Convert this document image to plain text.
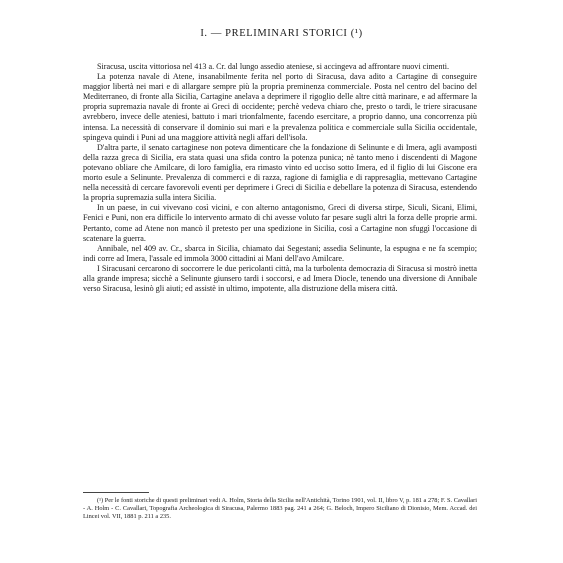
I. — PRELIMINARI STORICI (¹)

Siracusa, uscita vittoriosa nel 413 a. Cr. dal lungo assedio ateniese, si accingeva ad affrontare nuovi cimenti.

La potenza navale di Atene, insanabilmente ferita nel porto di Siracusa, dava adito a Cartagine di conseguire maggior libertà nei mari e di allargare sempre più la propria preminenza commerciale. Posta nel centro del bacino del Mediterraneo, di fronte alla Sicilia, Cartagine anelava a deprimere il rigoglio delle altre città marinare, e ad affermare la propria supremazia navale di fronte ai Greci di occidente; perchè vedeva chiaro che, presto o tardi, le triere siracusane avrebbero, invece delle ateniesi, battuto i mari trionfalmente, facendo esercitare, a proprio danno, una concorrenza più intensa. La necessità di conservare il dominio sui mari e la prevalenza politica e commerciale sulla Sicilia occidentale, spingeva quindi i Puni ad una maggiore attività negli affari dell'isola.

D'altra parte, il senato cartaginese non poteva dimenticare che la fondazione di Selinunte e di Imera, agli avamposti della razza greca di Sicilia, era stata quasi una sfida contro la potenza punica; nè tanto meno i discendenti di Magone potevano obliare che Amilcare, di loro famiglia, era rimasto vinto ed ucciso sotto Imera, ed il figlio di lui Giscone era morto esule a Selinunte. Prevalenza di commerci e di razza, ragione di famiglia e di rappresaglia, mettevano Cartagine nella necessità di cercare favorevoli eventi per deprimere i Greci di Sicilia e debellare la potenza di Siracusa, estendendo la propria supremazia sulla intera Sicilia.

In un paese, in cui vivevano così vicini, e con alterno antagonismo, Greci di diversa stirpe, Siculi, Sicani, Elimi, Fenici e Puni, non era difficile lo intervento armato di chi avesse voluto far pesare sugli altri la forza delle proprie armi. Pertanto, come ad Atene non mancò il pretesto per una spedizione in Sicilia, così a Cartagine non sfuggì l'occasione di scatenare la guerra.

Annibale, nel 409 av. Cr., sbarca in Sicilia, chiamato dai Segestani; assedia Selinunte, la espugna e ne fa scempio; indi corre ad Imera, l'assale ed immola 3000 cittadini ai Mani dell'avo Amilcare.

I Siracusani cercarono di soccorrere le due pericolanti città, ma la turbolenta democrazia di Siracusa si mostrò inetta alla grande impresa; sicchè a Selinunte giunsero tardi i soccorsi, e ad Imera Diocle, tenendo una diversione di Annibale verso Siracusa, lesinò gli aiuti; ed assistè in ultimo, impotente, alla distruzione della misera città.

(¹) Per le fonti storiche di questi preliminari vedi A. Holm, Storia della Sicilia nell'Antichità, Torino 1901, vol. II, libro V, p. 181 a 278; F. S. Cavallari - A. Holm - C. Cavallari, Topografia Archeologica di Siracusa, Palermo 1883 pag. 241 a 264; G. Beloch, Impero Siciliano di Dionisio, Mem. Accad. dei Lincei vol. VII, 1881 p. 211 a 235.
